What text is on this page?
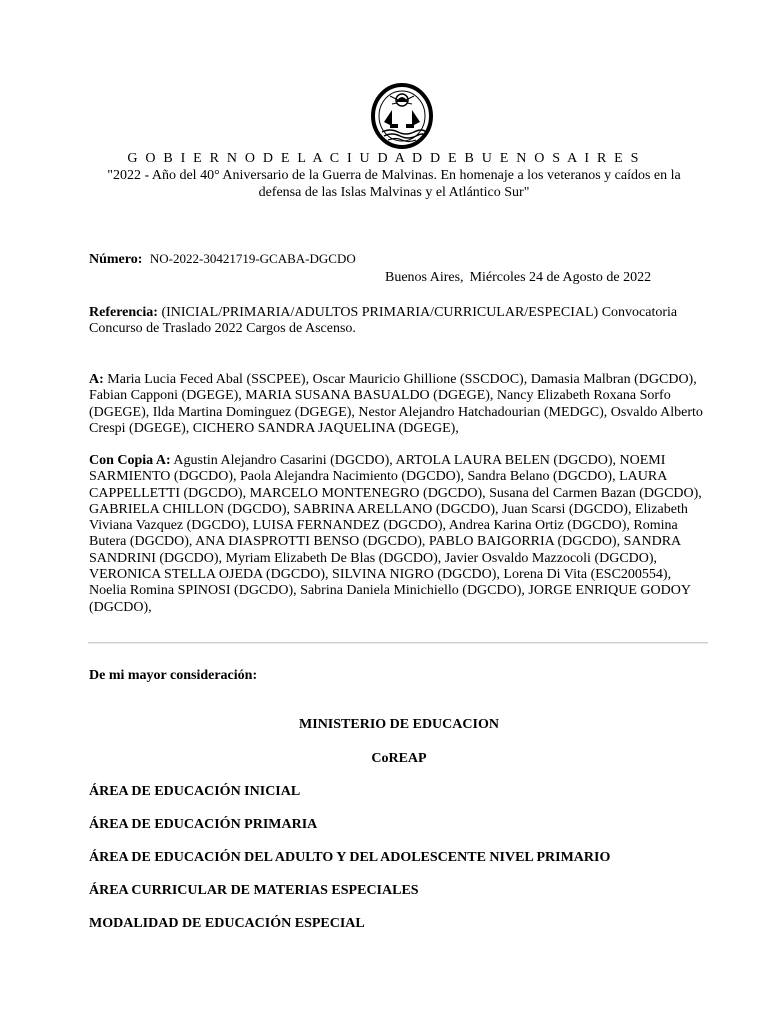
G O B I E R N O D E L A C I U D A D D E B U E N O S A I R E S
"2022 - Año del 40° Aniversario de la Guerra de Malvinas. En homenaje a los veteranos y caídos en la
defensa de las Islas Malvinas y el Atlántico Sur"
Número: NO-2022-30421719-GCABA-DGCDO
Buenos Aires, Miércoles 24 de Agosto de 2022
Referencia: (INICIAL/PRIMARIA/ADULTOS PRIMARIA/CURRICULAR/ESPECIAL) Convocatoria Concurso de Traslado 2022 Cargos de Ascenso.
A: Maria Lucia Feced Abal (SSCPEE), Oscar Mauricio Ghillione (SSCDOC), Damasia Malbran (DGCDO), Fabian Capponi (DGEGE), MARIA SUSANA BASUALDO (DGEGE), Nancy Elizabeth Roxana Sorfo (DGEGE), Ilda Martina Dominguez (DGEGE), Nestor Alejandro Hatchadourian (MEDGC), Osvaldo Alberto Crespi (DGEGE), CICHERO SANDRA JAQUELINA (DGEGE),
Con Copia A: Agustin Alejandro Casarini (DGCDO), ARTOLA LAURA BELEN (DGCDO), NOEMI SARMIENTO (DGCDO), Paola Alejandra Nacimiento (DGCDO), Sandra Belano (DGCDO), LAURA CAPPELLETTI (DGCDO), MARCELO MONTENEGRO (DGCDO), Susana del Carmen Bazan (DGCDO), GABRIELA CHILLON (DGCDO), SABRINA ARELLANO (DGCDO), Juan Scarsi (DGCDO), Elizabeth Viviana Vazquez (DGCDO), LUISA FERNANDEZ (DGCDO), Andrea Karina Ortiz (DGCDO), Romina Butera (DGCDO), ANA DIASPROTTI BENSO (DGCDO), PABLO BAIGORRIA (DGCDO), SANDRA SANDRINI (DGCDO), Myriam Elizabeth De Blas (DGCDO), Javier Osvaldo Mazzocoli (DGCDO), VERONICA STELLA OJEDA (DGCDO), SILVINA NIGRO (DGCDO), Lorena Di Vita (ESC200554), Noelia Romina SPINOSI (DGCDO), Sabrina Daniela Minichiello (DGCDO), JORGE ENRIQUE GODOY (DGCDO),
De mi mayor consideración:
MINISTERIO DE EDUCACION
CoREAP
ÁREA DE EDUCACIÓN INICIAL
ÁREA DE EDUCACIÓN PRIMARIA
ÁREA DE EDUCACIÓN DEL ADULTO Y DEL ADOLESCENTE NIVEL PRIMARIO
ÁREA CURRICULAR DE MATERIAS ESPECIALES
MODALIDAD DE EDUCACIÓN ESPECIAL
